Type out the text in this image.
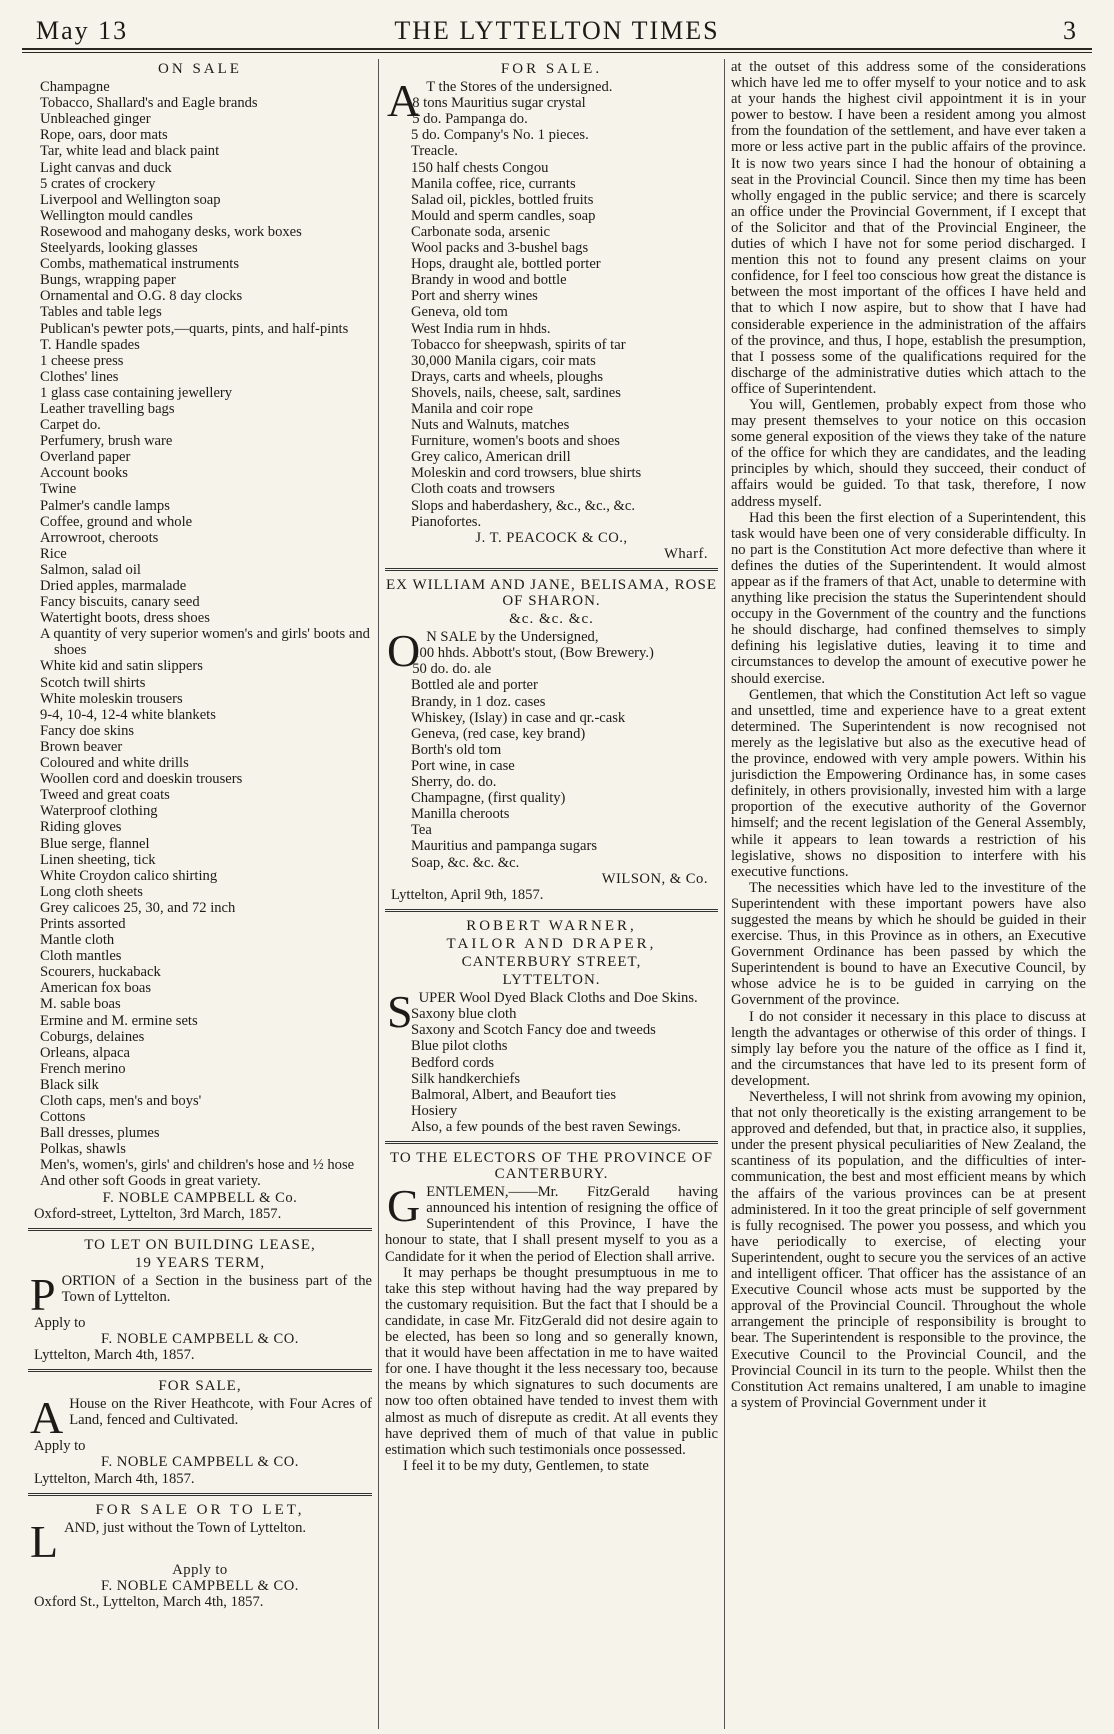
May 13	THE LYTTELTON TIMES	3
ON SALE

Champagne

Tobacco, Shallard's and Eagle brands

Unbleached ginger

Rope, oars, door mats

Tar, white lead and black paint

Light canvas and duck

5 crates of crockery

Liverpool and Wellington soap

Wellington mould candles

Rosewood and mahogany desks, work boxes

Steelyards, looking glasses

Combs, mathematical instruments

Bungs, wrapping paper

Ornamental and O.G. 8 day clocks

Tables and table legs

Publican's pewter pots,—quarts, pints, and half-pints

T. Handle spades

1 cheese press

Clothes' lines

1 glass case containing jewellery

Leather travelling bags

Carpet do.

Perfumery, brush ware

Overland paper

Account books

Twine

Palmer's candle lamps

Coffee, ground and whole

Arrowroot, cheroots

Rice

Salmon, salad oil

Dried apples, marmalade

Fancy biscuits, canary seed

Watertight boots, dress shoes

A quantity of very superior women's and girls' boots and shoes

White kid and satin slippers

Scotch twill shirts

White moleskin trousers

9-4, 10-4, 12-4 white blankets

Fancy doe skins

Brown beaver

Coloured and white drills

Woollen cord and doeskin trousers

Tweed and great coats

Waterproof clothing

Riding gloves

Blue serge, flannel

Linen sheeting, tick

White Croydon calico shirting

Long cloth sheets

Grey calicoes 25, 30, and 72 inch

Prints assorted

Mantle cloth

Cloth mantles

Scourers, huckaback

American fox boas

M. sable boas

Ermine and M. ermine sets

Coburgs, delaines

Orleans, alpaca

French merino

Black silk

Cloth caps, men's and boys'

Cottons

Ball dresses, plumes

Polkas, shawls

Men's, women's, girls' and children's hose and ½ hose

And other soft Goods in great variety.

F. NOBLE CAMPBELL & Co.
Oxford-street, Lyttelton, 3rd March, 1857.
TO LET ON BUILDING LEASE,
19 YEARS TERM,

PORTION of a Section in the business part of the Town of Lyttelton.

Apply to
F. NOBLE CAMPBELL & CO.
Lyttelton, March 4th, 1857.
FOR SALE,

A House on the River Heathcote, with Four Acres of Land, fenced and Cultivated.

Apply to
F. NOBLE CAMPBELL & CO.
Lyttelton, March 4th, 1857.
FOR SALE OR TO LET,

LAND, just without the Town of Lyttelton.

Apply to
F. NOBLE CAMPBELL & CO.
Oxford St., Lyttelton, March 4th, 1857.
FOR SALE.

A T the Stores of the undersigned.

8 tons Mauritius sugar crystal

5 do. Pampanga do.

5 do. Company's No. 1 pieces.

Treacle.

150 half chests Congou

Manila coffee, rice, currants

Salad oil, pickles, bottled fruits

Mould and sperm candles, soap

Carbonate soda, arsenic

Wool packs and 3-bushel bags

Hops, draught ale, bottled porter

Brandy in wood and bottle

Port and sherry wines

Geneva, old tom

West India rum in hhds.

Tobacco for sheepwash, spirits of tar

30,000 Manila cigars, coir mats

Drays, carts and wheels, ploughs

Shovels, nails, cheese, salt, sardines

Manila and coir rope

Nuts and Walnuts, matches

Furniture, women's boots and shoes

Grey calico, American drill

Moleskin and cord trowsers, blue shirts

Cloth coats and trowsers

Slops and haberdashery, &c., &c., &c.

Pianofortes.

J. T. PEACOCK & CO.,
Wharf.
EX WILLIAM AND JANE, BELISAMA, ROSE OF SHARON.
&c. &c. &c.

O N SALE by the Undersigned,

100 hhds. Abbott's stout, (Bow Brewery.)

50 do. do. ale

Bottled ale and porter

Brandy, in 1 doz. cases

Whiskey, (Islay) in case and qr.-cask

Geneva, (red case, key brand)

Borth's old tom

Port wine, in case

Sherry, do. do.

Champagne, (first quality)

Manilla cheroots

Tea

Mauritius and pampanga sugars

Soap, &c. &c. &c.

WILSON, & Co.
Lyttelton, April 9th, 1857.
ROBERT WARNER,
TAILOR AND DRAPER,
CANTERBURY STREET,
LYTTELTON.

SUPER Wool Dyed Black Cloths and Doe Skins.

Saxony blue cloth

Saxony and Scotch Fancy doe and tweeds

Blue pilot cloths

Bedford cords

Silk handkerchiefs

Balmoral, Albert, and Beaufort ties

Hosiery

Also, a few pounds of the best raven Sewings.

TO THE ELECTORS OF THE PROVINCE OF CANTERBURY.

GENTLEMEN,——Mr. FitzGerald having announced his intention of resigning the office of Superintendent of this Province, I have the honour to state, that I shall present myself to you as a Candidate for it when the period of Election shall arrive.

It may perhaps be thought presumptuous in me to take this step without having had the way prepared by the customary requisition. But the fact that I should be a candidate, in case Mr. FitzGerald did not desire again to be elected, has been so long and so generally known, that it would have been affectation in me to have waited for one. I have thought it the less necessary too, because the means by which signatures to such documents are now too often obtained have tended to invest them with almost as much of disrepute as credit. At all events they have deprived them of much of that value in public estimation which such testimonials once possessed.

I feel it to be my duty, Gentlemen, to state

at the outset of this address some of the considerations which have led me to offer myself to your notice and to ask at your hands the highest civil appointment it is in your power to bestow. I have been a resident among you almost from the foundation of the settlement, and have ever taken a more or less active part in the public affairs of the province. It is now two years since I had the honour of obtaining a seat in the Provincial Council. Since then my time has been wholly engaged in the public service; and there is scarcely an office under the Provincial Government, if I except that of the Solicitor and that of the Provincial Engineer, the duties of which I have not for some period discharged. I mention this not to found any present claims on your confidence, for I feel too conscious how great the distance is between the most important of the offices I have held and that to which I now aspire, but to show that I have had considerable experience in the administration of the affairs of the province, and thus, I hope, establish the presumption, that I possess some of the qualifications required for the discharge of the administrative duties which attach to the office of Superintendent.

You will, Gentlemen, probably expect from those who may present themselves to your notice on this occasion some general exposition of the views they take of the nature of the office for which they are candidates, and the leading principles by which, should they succeed, their conduct of affairs would be guided. To that task, therefore, I now address myself.

Had this been the first election of a Superintendent, this task would have been one of very considerable difficulty. In no part is the Constitution Act more defective than where it defines the duties of the Superintendent. It would almost appear as if the framers of that Act, unable to determine with anything like precision the status the Superintendent should occupy in the Government of the country and the functions he should discharge, had confined themselves to simply defining his legislative duties, leaving it to time and circumstances to develop the amount of executive power he should exercise.

Gentlemen, that which the Constitution Act left so vague and unsettled, time and experience have to a great extent determined. The Superintendent is now recognised not merely as the legislative but also as the executive head of the province, endowed with very ample powers. Within his jurisdiction the Empowering Ordinance has, in some cases definitely, in others provisionally, invested him with a large proportion of the executive authority of the Governor himself; and the recent legislation of the General Assembly, while it appears to lean towards a restriction of his legislative, shows no disposition to interfere with his executive functions.

The necessities which have led to the investiture of the Superintendent with these important powers have also suggested the means by which he should be guided in their exercise. Thus, in this Province as in others, an Executive Government Ordinance has been passed by which the Superintendent is bound to have an Executive Council, by whose advice he is to be guided in carrying on the Government of the province.

I do not consider it necessary in this place to discuss at length the advantages or otherwise of this order of things. I simply lay before you the nature of the office as I find it, and the circumstances that have led to its present form of development.

Nevertheless, I will not shrink from avowing my opinion, that not only theoretically is the existing arrangement to be approved and defended, but that, in practice also, it supplies, under the present physical peculiarities of New Zealand, the scantiness of its population, and the difficulties of inter-communication, the best and most efficient means by which the affairs of the various provinces can be at present administered. In it too the great principle of self government is fully recognised. The power you possess, and which you have periodically to exercise, of electing your Superintendent, ought to secure you the services of an active and intelligent officer. That officer has the assistance of an Executive Council whose acts must be supported by the approval of the Provincial Council. Throughout the whole arrangement the principle of responsibility is brought to bear. The Superintendent is responsible to the province, the Executive Council to the Provincial Council, and the Provincial Council in its turn to the people. Whilst then the Constitution Act remains unaltered, I am unable to imagine a system of Provincial Government under it
